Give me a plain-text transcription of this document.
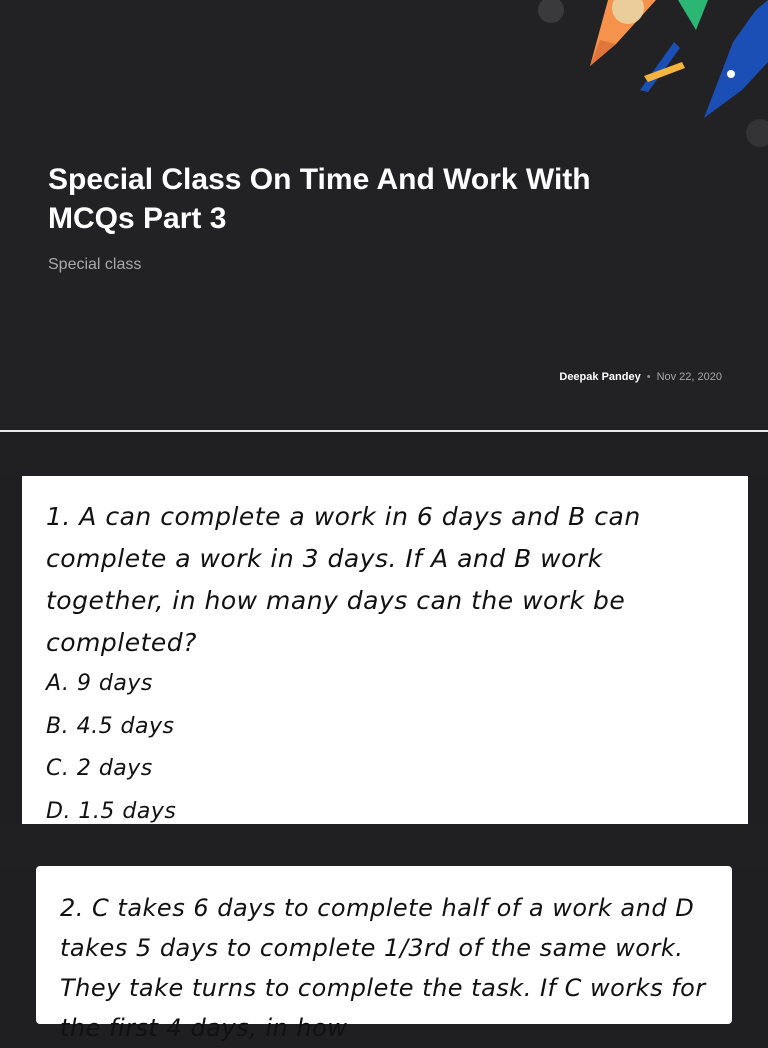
Special Class On Time And Work With MCQs Part 3
Special class
Deepak Pandey • Nov 22, 2020
1. A can complete a work in 6 days and B can complete a work in 3 days. If A and B work together, in how many days can the work be completed?
A. 9 days
B. 4.5 days
C. 2 days
D. 1.5 days
2. C takes 6 days to complete half of a work and D takes 5 days to complete 1/3rd of the same work. They take turns to complete the task. If C works for the first 4 days, in how
